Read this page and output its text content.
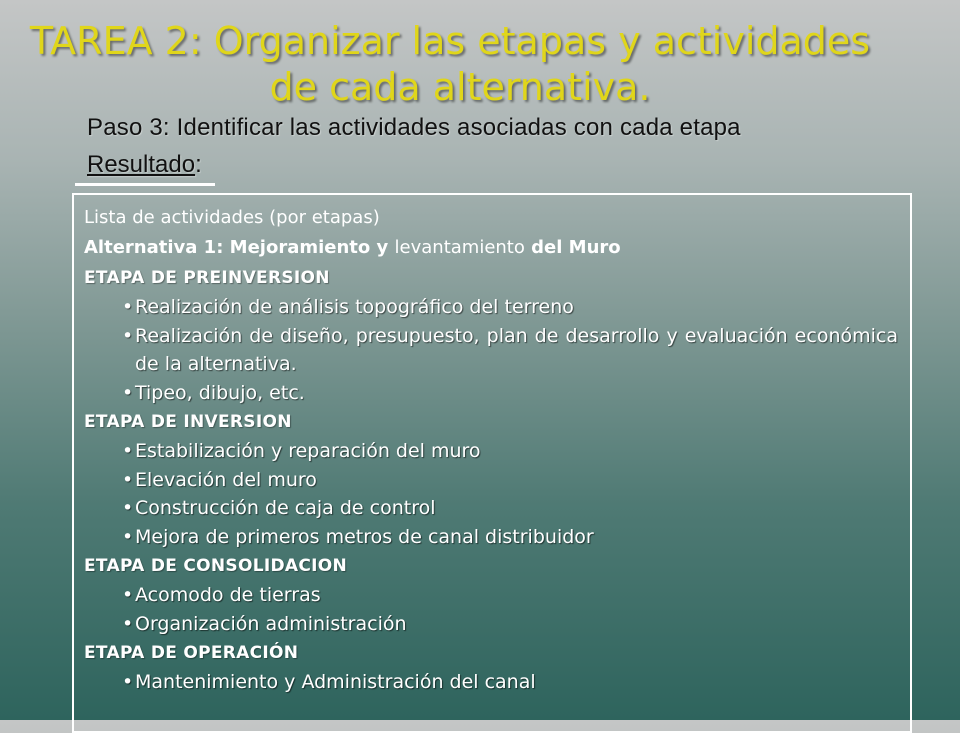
TAREA 2: Organizar las etapas y actividades
de cada alternativa.
Paso 3: Identificar las actividades asociadas con cada etapa
Resultado:
Lista de actividades (por etapas)
Alternativa 1: Mejoramiento y levantamiento del Muro
ETAPA DE PREINVERSION
• Realización de análisis topográfico del terreno
• Realización de diseño, presupuesto, plan de desarrollo y evaluación económica de la alternativa.
• Tipeo, dibujo, etc.
ETAPA DE INVERSION
• Estabilización y reparación del muro
• Elevación del muro
• Construcción de caja de control
• Mejora de primeros metros de canal distribuidor
ETAPA DE CONSOLIDACION
• Acomodo de tierras
• Organización administración
ETAPA DE OPERACIÓN
• Mantenimiento y Administración del canal
